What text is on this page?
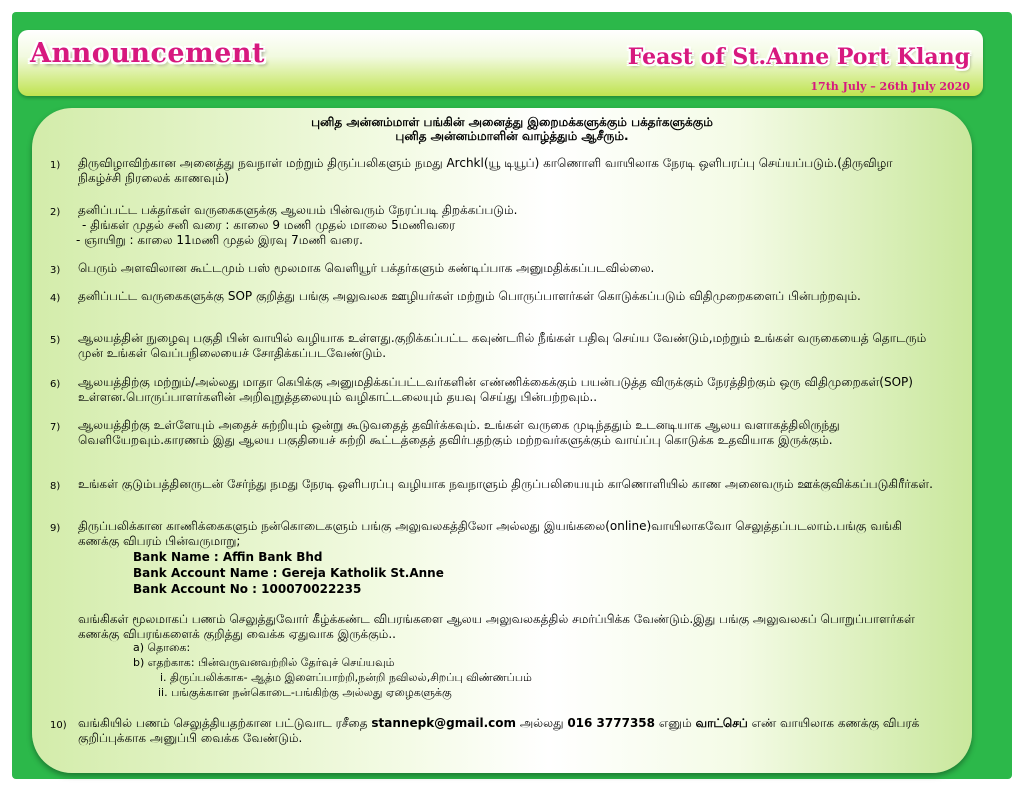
Announcement	Feast of St.Anne Port Klang
17th July – 26th July 2020
புனித அன்னம்மாள் பங்கின் அனைத்து இறைமக்களுக்கும் பக்தர்களுக்கும்
புனித அன்னம்மாளின் வாழ்த்தும் ஆசீரும்.
1)	திருவிழாவிற்கான அனைத்து நவநாள் மற்றும் திருப்பலிகளும் நமது Archkl(யூ டியூப்) காணொளி வாயிலாக நேரடி ஒளிபரப்பு செய்யப்படும்.(திருவிழா நிகழ்ச்சி நிரலைக் காணவும்)
2)	தனிப்பட்ட பக்தர்கள் வருகைகளுக்கு ஆலயம் பின்வரும் நேரப்படி திறக்கப்படும்.
- திங்கள் முதல் சனி வரை : காலை 9 மணி முதல் மாலை 5மணிவரை
- ஞாயிறு : காலை 11மணி முதல் இரவு 7மணி வரை.
3)	பெரும் அளவிலான கூட்டமும் பஸ் மூலமாக வெளியூர் பக்தர்களும் கண்டிப்பாக அனுமதிக்கப்படவில்லை.
4)	தனிப்பட்ட வருகைகளுக்கு SOP குறித்து பங்கு அலுவலக ஊழியர்கள் மற்றும் பொருப்பாளர்கள் கொடுக்கப்படும் விதிமுறைகளைப் பின்பற்றவும்.
5)	ஆலயத்தின் நுழைவு பகுதி பின் வாயில் வழியாக உள்ளது.குறிக்கப்பட்ட கவுண்டரில் நீங்கள் பதிவு செய்ய வேண்டும்,மற்றும் உங்கள் வருகையைத் தொடரும் முன் உங்கள் வெப்பநிலையைச் சோதிக்கப்படவேண்டும்.
6)	ஆலயத்திற்கு மற்றும்/அல்லது மாதா கெபிக்கு அனுமதிக்கப்பட்டவர்களின் எண்ணிக்கைக்கும் பயன்படுத்த விருக்கும் நேரத்திற்கும் ஒரு விதிமுறைகள்(SOP) உள்ளன.பொருப்பாளர்களின் அறிவுறுத்தலையும் வழிகாட்டலையும் தயவு செய்து பின்பற்றவும்..
7)	ஆலயத்திற்கு உள்ளேயும் அதைச் சுற்றியும் ஒன்று கூடுவதைத் தவிர்க்கவும். உங்கள் வருகை முடிந்ததும் உடனடியாக ஆலய வளாகத்திலிருந்து வெளியேறவும்.காரணம் இது ஆலய பகுதியைச் சுற்றி கூட்டத்தைத் தவிர்பதற்கும் மற்றவர்களுக்கும் வாய்ப்பு கொடுக்க உதவியாக இருக்கும்.
8)	உங்கள் குடும்பத்தினருடன் சேர்ந்து நமது நேரடி ஒளிபரப்பு வழியாக நவநாளும் திருப்பலியையும் காணொளியில் காண அனைவரும் ஊக்குவிக்கப்படுகிரீர்கள்.
9)	திருப்பலிக்கான காணிக்கைகளும் நன்கொடைகளும் பங்கு அலுவலகத்திலோ அல்லது இயங்கலை(online)வாயிலாகவோ செலுத்தப்படலாம்.பங்கு வங்கி கணக்கு விபரம் பின்வருமாறு;
Bank Name : Affin Bank Bhd
Bank Account Name : Gereja Katholik St.Anne
Bank Account No : 100070022235
வங்கிகள் மூலமாகப் பணம் செலுத்துவோர் கீழ்க்கண்ட விபரங்களை ஆலய அலுவலகத்தில் சமர்ப்பிக்க வேண்டும்.இது பங்கு அலுவலகப் பொறுப்பாளர்கள் கணக்கு விபரங்களைக் குறித்து வைக்க ஏதுவாக இருக்கும்..
a) தொகை:
b) எதற்காக: பின்வருவனவற்றில் தேர்வுச் செய்யவும்
i. திருப்பலிக்காக- ஆத்ம இளைப்பாற்றி,நன்றி நவிலல்,சிறப்பு விண்ணப்பம்
ii. பங்குக்கான நன்கொடை-பங்கிற்கு அல்லது ஏழைகளுக்கு
10) வங்கியில் பணம் செலுத்தியதற்கான பட்டுவாட ரசீதை stannepk@gmail.com அல்லது 016 3777358 எனும் வாட்செப் எண் வாயிலாக கணக்கு விபரக் குறிப்புக்காக அனுப்பி வைக்க வேண்டும்.
